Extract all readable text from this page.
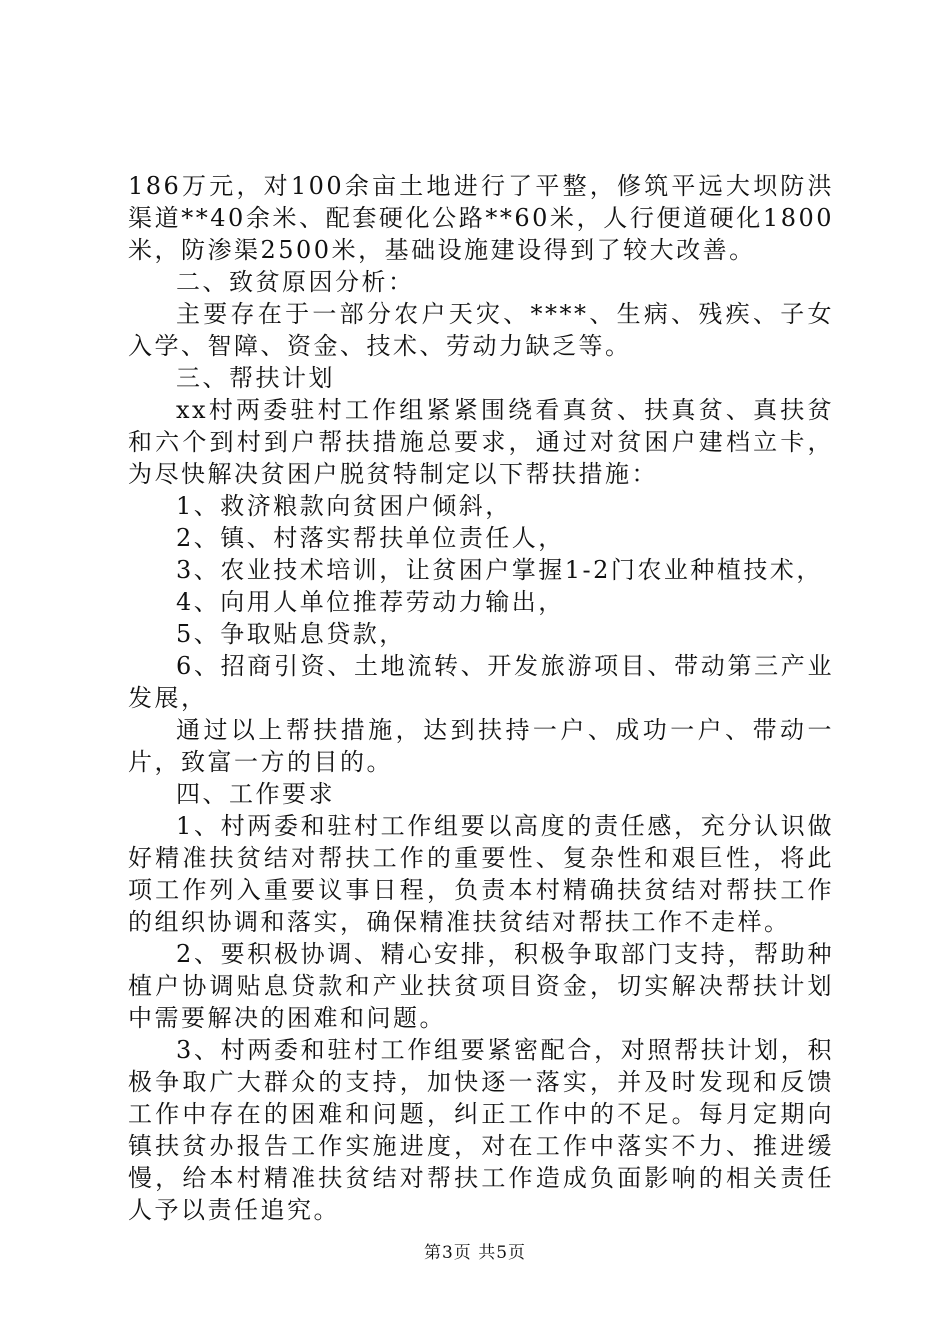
186万元，对100余亩土地进行了平整，修筑平远大坝防洪渠道**40余米、配套硬化公路**60米，人行便道硬化1800米，防渗渠2500米，基础设施建设得到了较大改善。

二、致贫原因分析：

主要存在于一部分农户天灾、****、生病、残疾、子女入学、智障、资金、技术、劳动力缺乏等。

三、帮扶计划

xx村两委驻村工作组紧紧围绕看真贫、扶真贫、真扶贫和六个到村到户帮扶措施总要求，通过对贫困户建档立卡，为尽快解决贫困户脱贫特制定以下帮扶措施：

1、救济粮款向贫困户倾斜，

2、镇、村落实帮扶单位责任人，

3、农业技术培训，让贫困户掌握1-2门农业种植技术，

4、向用人单位推荐劳动力输出，

5、争取贴息贷款，

6、招商引资、土地流转、开发旅游项目、带动第三产业发展，

通过以上帮扶措施，达到扶持一户、成功一户、带动一片，致富一方的目的。

四、工作要求

1、村两委和驻村工作组要以高度的责任感，充分认识做好精准扶贫结对帮扶工作的重要性、复杂性和艰巨性，将此项工作列入重要议事日程，负责本村精确扶贫结对帮扶工作的组织协调和落实，确保精准扶贫结对帮扶工作不走样。

2、要积极协调、精心安排，积极争取部门支持，帮助种植户协调贴息贷款和产业扶贫项目资金，切实解决帮扶计划中需要解决的困难和问题。

3、村两委和驻村工作组要紧密配合，对照帮扶计划，积极争取广大群众的支持，加快逐一落实，并及时发现和反馈工作中存在的困难和问题，纠正工作中的不足。每月定期向镇扶贫办报告工作实施进度，对在工作中落实不力、推进缓慢，给本村精准扶贫结对帮扶工作造成负面影响的相关责任人予以责任追究。

第3页 共5页
